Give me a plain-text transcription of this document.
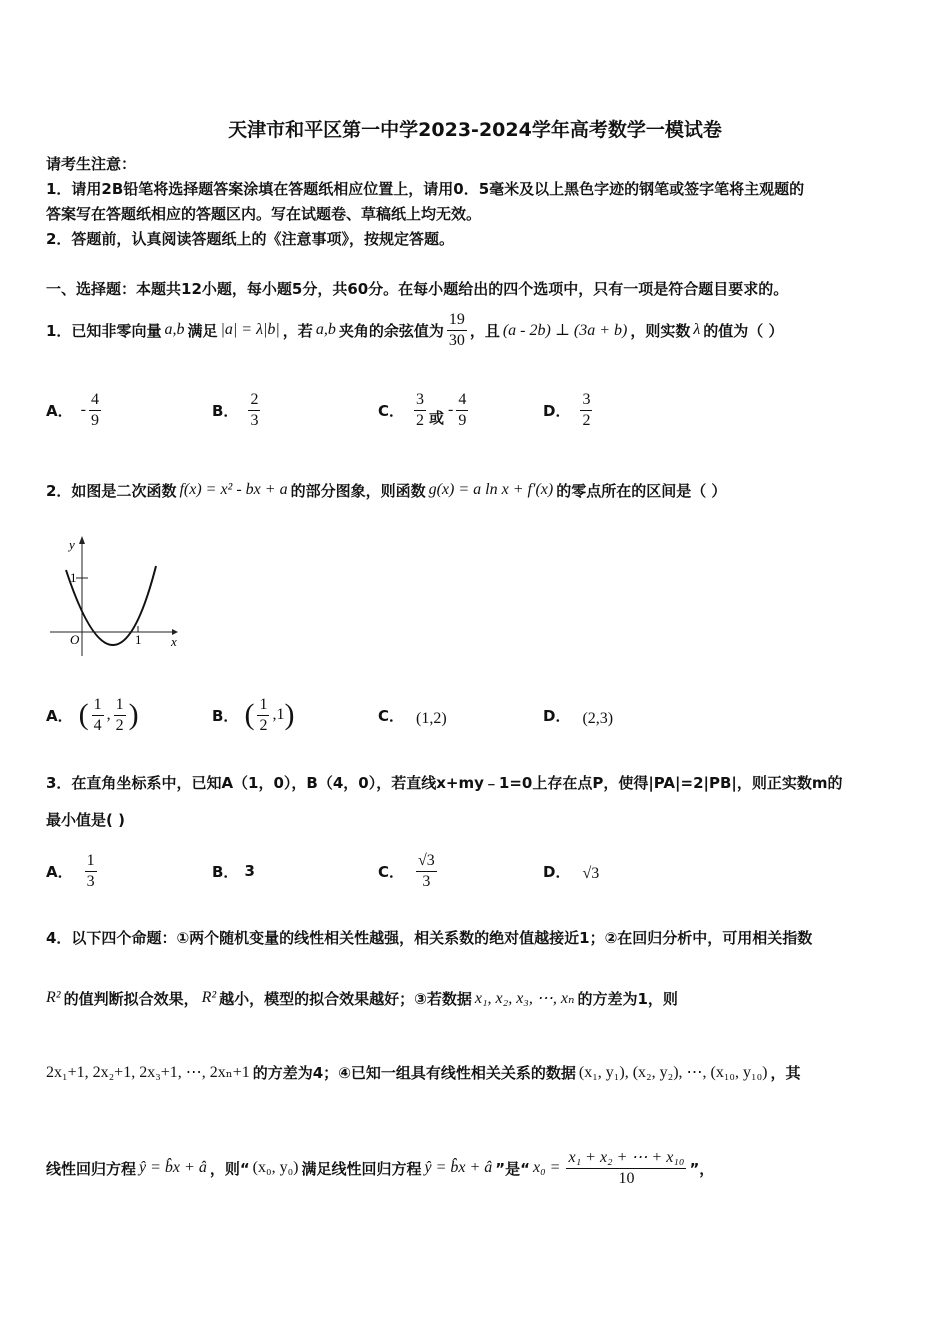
天津市和平区第一中学2023-2024学年高考数学一模试卷
请考生注意：
1．请用2B铅笔将选择题答案涂填在答题纸相应位置上，请用0．5毫米及以上黑色字迹的钢笔或签字笔将主观题的
答案写在答题纸相应的答题区内。写在试题卷、草稿纸上均无效。
2．答题前，认真阅读答题纸上的《注意事项》，按规定答题。
一、选择题：本题共12小题，每小题5分，共60分。在每小题给出的四个选项中，只有一项是符合题目要求的。
1．已知非零向量 a,b 满足 |a| = λ|b| ，若 a,b 夹角的余弦值为 $\frac{19}{30}$ ，且 (a - 2b) ⊥ (3a + b) ，则实数 λ 的值为（ ）
A． - $\frac{4}{9}$	B． $\frac{2}{3}$	C． $\frac{3}{2}$ 或 - $\frac{4}{9}$	D． $\frac{3}{2}$
2．如图是二次函数 f(x) = x² - bx + a 的部分图象，则函数 g(x) = a ln x + f′(x) 的零点所在的区间是（ ）
y
x
1
1
O
A． ( $\frac{1}{4}$ , $\frac{1}{2}$ )	B． ( $\frac{1}{2} ,1$ )	C． (1,2)	D． (2,3)
3．在直角坐标系中，已知A（1，0），B（4，0），若直线x+my﹣1=0上存在点P，使得|PA|=2|PB|，则正实数m的
最小值是( )
A． $\frac{1}{3}$	B． 3	C． $\frac{√3}{3}$	D． √3
4．以下四个命题：①两个随机变量的线性相关性越强，相关系数的绝对值越接近1；②在回归分析中，可用相关指数
R² 的值判断拟合效果， R² 越小，模型的拟合效果越好；③若数据 x₁, x₂, x₃, ⋯, xₙ 的方差为1，则
2x₁+1, 2x₂+1, 2x₃+1, ⋯, 2xₙ+1 的方差为4；④已知一组具有线性相关关系的数据 (x₁, y₁), (x₂, y₂), ⋯, (x₁₀, y₁₀) ，其
线性回归方程 ŷ = b̂x + â ，则“ (x₀, y₀) 满足线性回归方程 ŷ = b̂x + â ”是“ $x_0 = \frac{\text{x₁ + x₂ + ⋯ + x₁₀}}{10}$ ”，
